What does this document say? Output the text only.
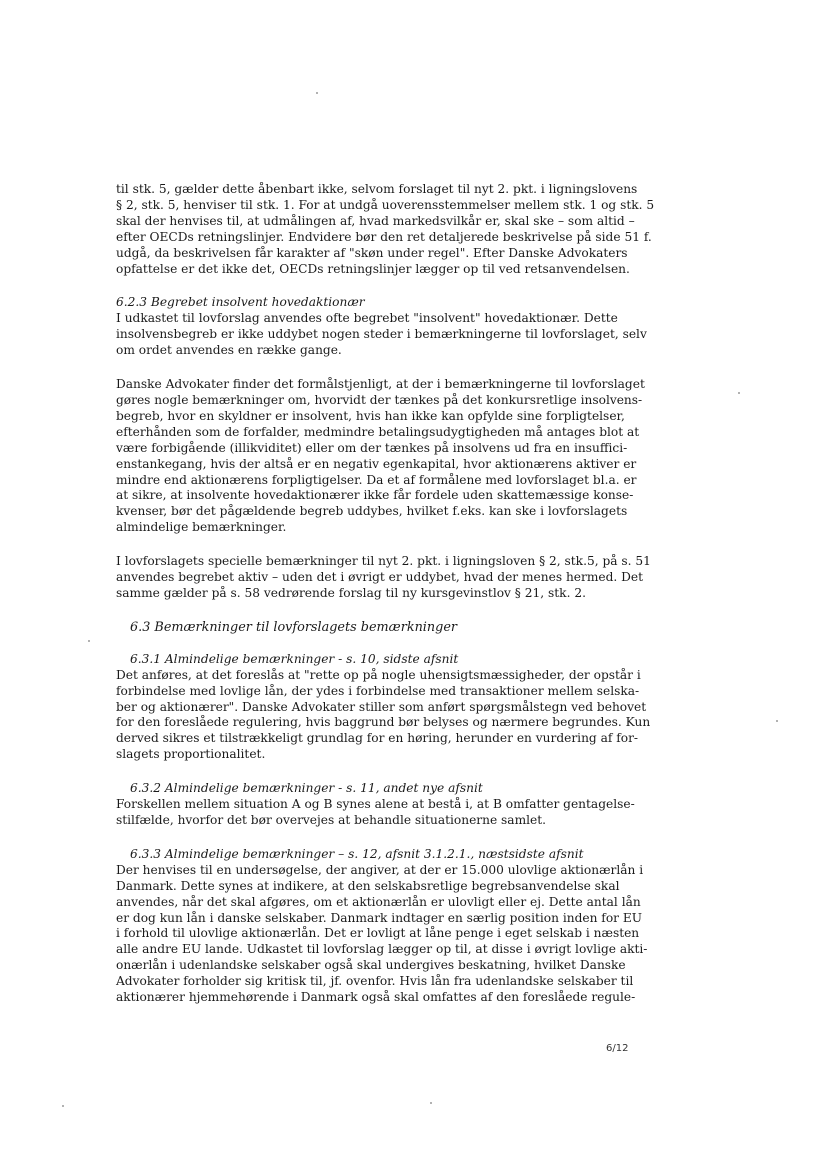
til stk. 5, gælder dette åbenbart ikke, selvom forslaget til nyt 2. pkt. i ligningslovens
§ 2, stk. 5, henviser til stk. 1. For at undgå uoverensstemmelser mellem stk. 1 og stk. 5
skal der henvises til, at udmålingen af, hvad markedsvilkår er, skal ske – som altid –
efter OECDs retningslinjer. Endvidere bør den ret detaljerede beskrivelse på side 51 f.
udgå, da beskrivelsen får karakter af "skøn under regel". Efter Danske Advokaters
opfattelse er det ikke det, OECDs retningslinjer lægger op til ved retsanvendelsen.

6.2.3 Begrebet insolvent hovedaktionær

I udkastet til lovforslag anvendes ofte begrebet "insolvent" hovedaktionær. Dette
insolvensbegreb er ikke uddybet nogen steder i bemærkningerne til lovforslaget, selv
om ordet anvendes en række gange.

Danske Advokater finder det formålstjenligt, at der i bemærkningerne til lovforslaget
gøres nogle bemærkninger om, hvorvidt der tænkes på det konkursretlige insolvens-
begreb, hvor en skyldner er insolvent, hvis han ikke kan opfylde sine forpligtelser,
efterhånden som de forfalder, medmindre betalingsudygtigheden må antages blot at
være forbigående (illikviditet) eller om der tænkes på insolvens ud fra en insuffici-
enstankegang, hvis der altså er en negativ egenkapital, hvor aktionærens aktiver er
mindre end aktionærens forpligtigelser. Da et af formålene med lovforslaget bl.a. er
at sikre, at insolvente hovedaktionærer ikke får fordele uden skattemæssige konse-
kvenser, bør det pågældende begreb uddybes, hvilket f.eks. kan ske i lovforslagets
almindelige bemærkninger.

I lovforslagets specielle bemærkninger til nyt 2. pkt. i ligningsloven § 2, stk.5, på s. 51
anvendes begrebet aktiv – uden det i øvrigt er uddybet, hvad der menes hermed. Det
samme gælder på s. 58 vedrørende forslag til ny kursgevinstlov § 21, stk. 2.

6.3 Bemærkninger til lovforslagets bemærkninger
6.3.1 Almindelige bemærkninger - s. 10, sidste afsnit

Det anføres, at det foreslås at "rette op på nogle uhensigtsmæssigheder, der opstår i
forbindelse med lovlige lån, der ydes i forbindelse med transaktioner mellem selska-
ber og aktionærer". Danske Advokater stiller som anført spørgsmålstegn ved behovet
for den foreslåede regulering, hvis baggrund bør belyses og nærmere begrundes. Kun
derved sikres et tilstrækkeligt grundlag for en høring, herunder en vurdering af for-
slagets proportionalitet.

6.3.2 Almindelige bemærkninger - s. 11, andet nye afsnit

Forskellen mellem situation A og B synes alene at bestå i, at B omfatter gentagelse-
stilfælde, hvorfor det bør overvejes at behandle situationerne samlet.

6.3.3 Almindelige bemærkninger – s. 12, afsnit 3.1.2.1., næstsidste afsnit

Der henvises til en undersøgelse, der angiver, at der er 15.000 ulovlige aktionærlån i
Danmark. Dette synes at indikere, at den selskabsretlige begrebsanvendelse skal
anvendes, når det skal afgøres, om et aktionærlån er ulovligt eller ej. Dette antal lån
er dog kun lån i danske selskaber. Danmark indtager en særlig position inden for EU
i forhold til ulovlige aktionærlån. Det er lovligt at låne penge i eget selskab i næsten
alle andre EU lande. Udkastet til lovforslag lægger op til, at disse i øvrigt lovlige akti-
onærlån i udenlandske selskaber også skal undergives beskatning, hvilket Danske
Advokater forholder sig kritisk til, jf. ovenfor. Hvis lån fra udenlandske selskaber til
aktionærer hjemmehørende i Danmark også skal omfattes af den foreslåede regule-

6/12
